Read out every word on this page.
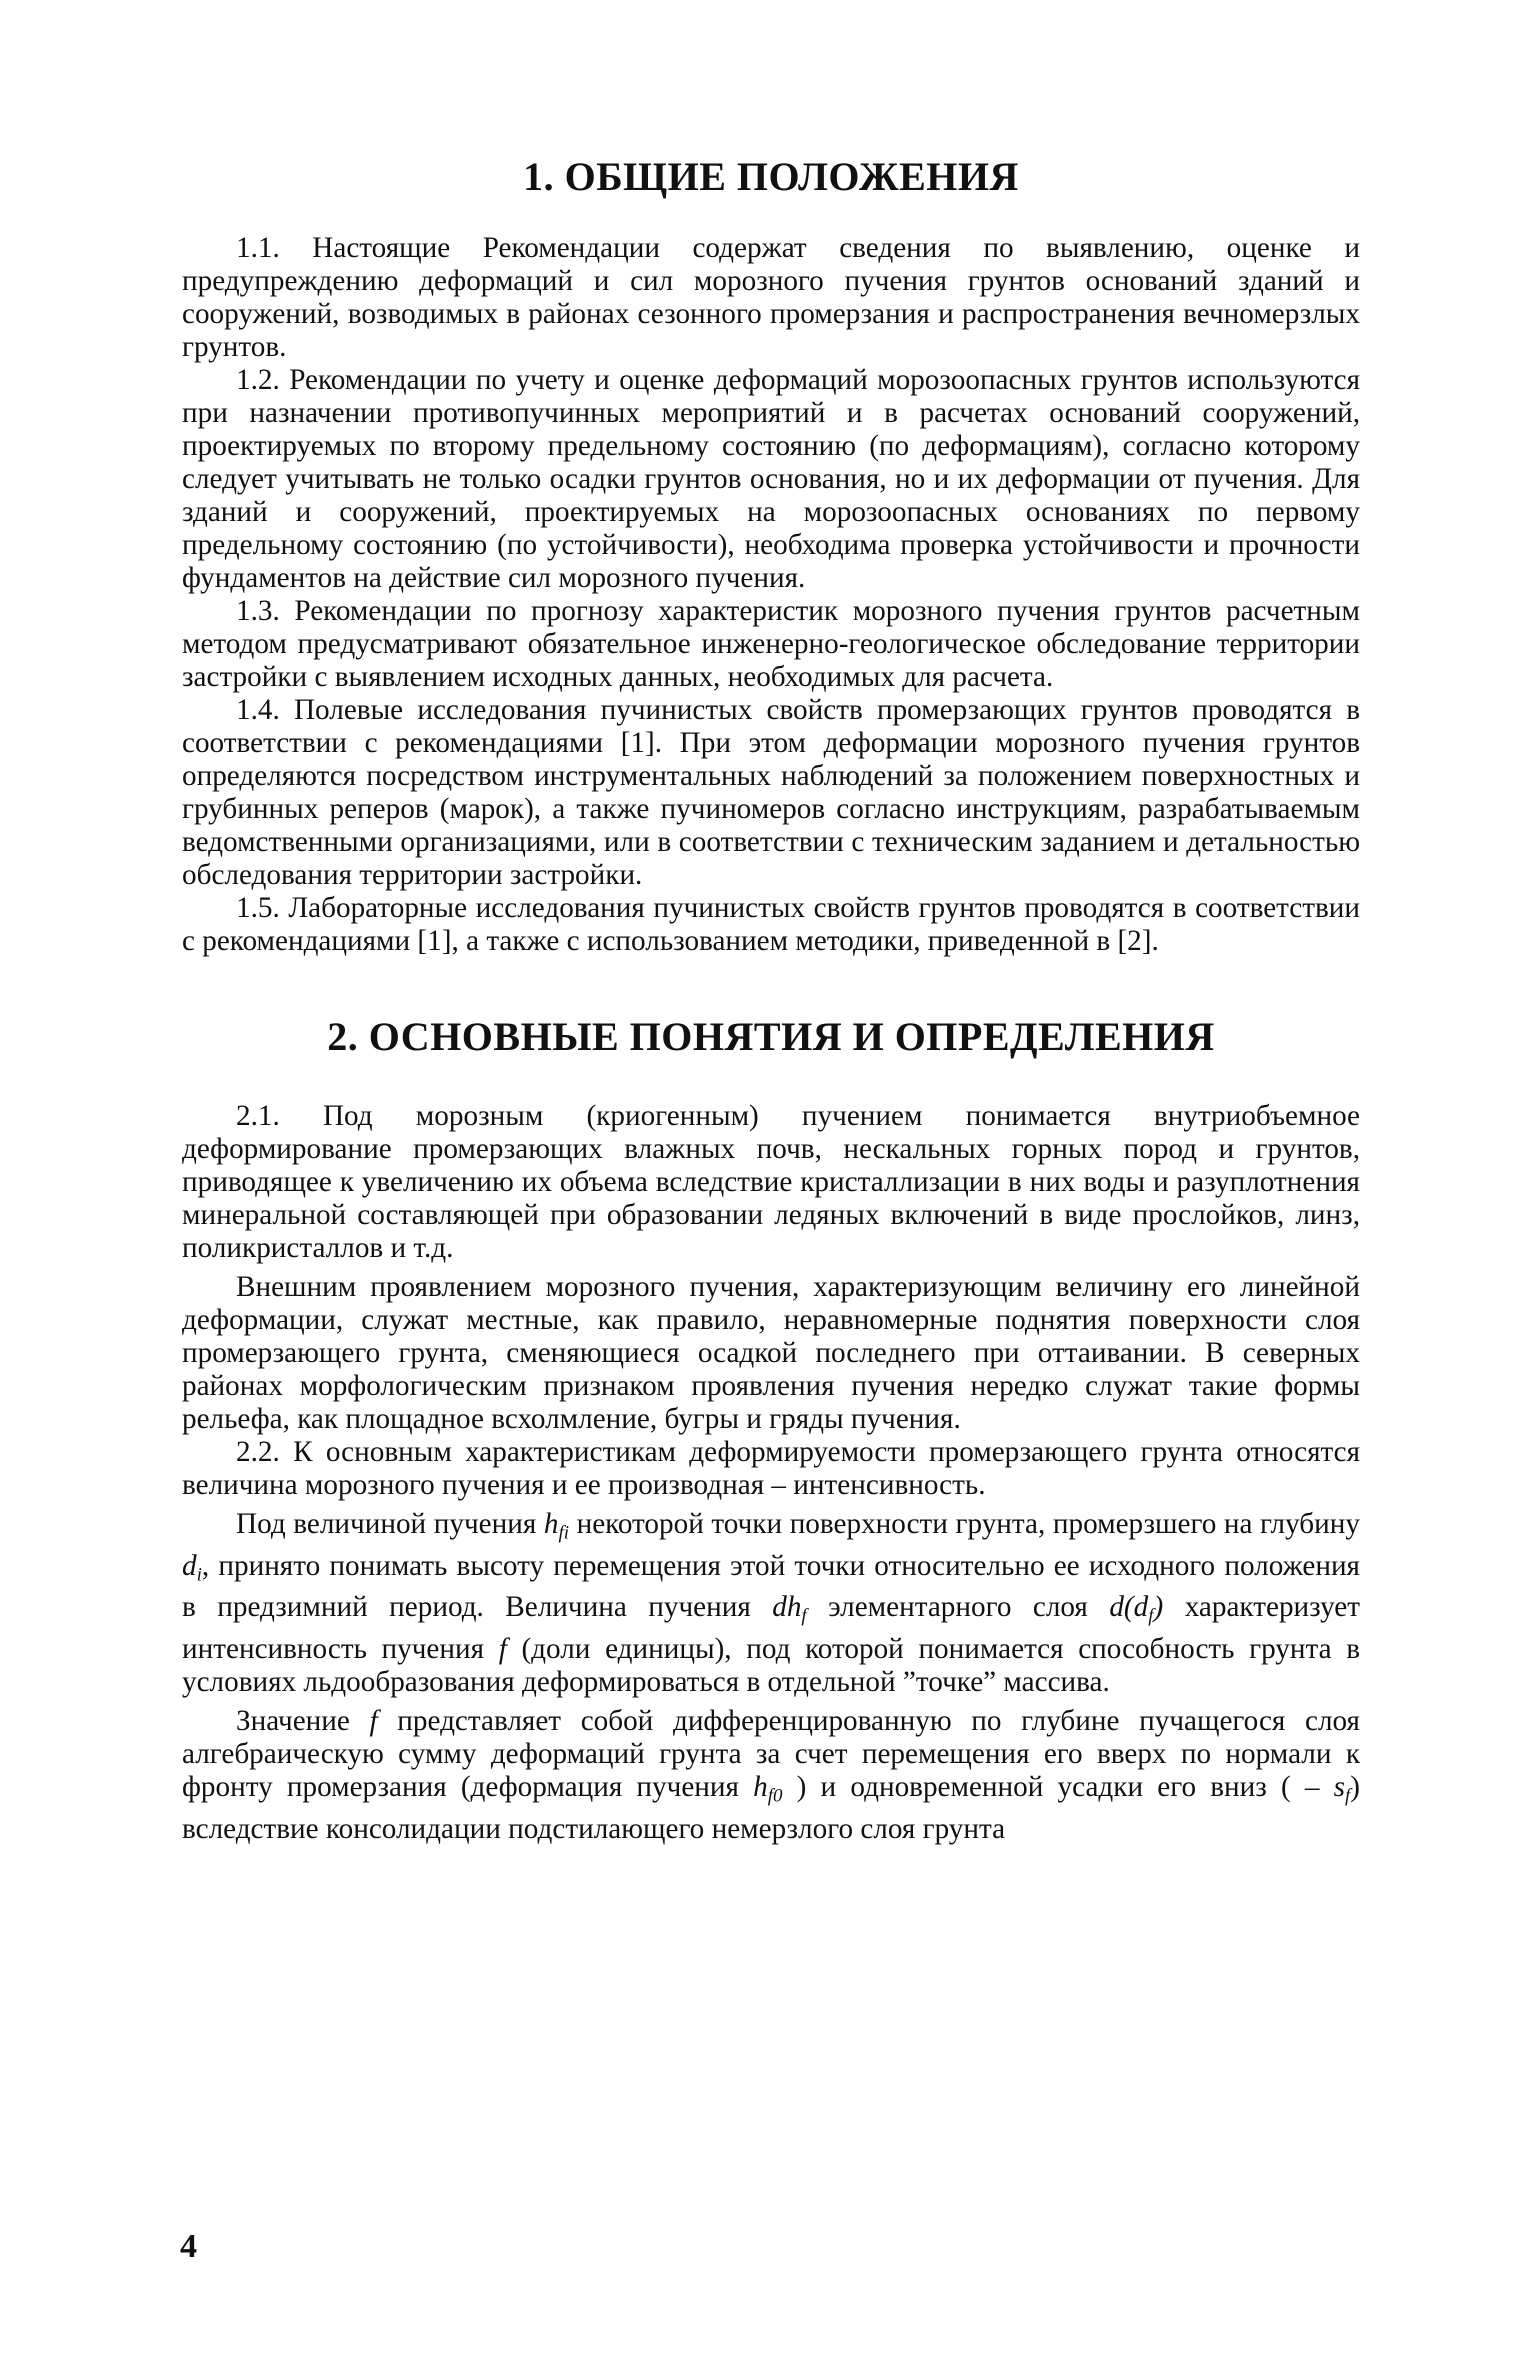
1. ОБЩИЕ ПОЛОЖЕНИЯ

1.1. Настоящие Рекомендации содержат сведения по выявлению, оценке и предупреждению деформаций и сил морозного пучения грунтов оснований зданий и сооружений, возводимых в районах сезонного промерзания и распространения вечномерзлых грунтов.

1.2. Рекомендации по учету и оценке деформаций морозоопасных грунтов используются при назначении противопучинных мероприятий и в расчетах оснований сооружений, проектируемых по второму предельному состоянию (по деформациям), согласно которому следует учитывать не только осадки грунтов основания, но и их деформации от пучения. Для зданий и сооружений, проектируемых на морозоопасных основаниях по первому предельному состоянию (по устойчивости), необходима проверка устойчивости и прочности фундаментов на действие сил морозного пучения.

1.3. Рекомендации по прогнозу характеристик морозного пучения грунтов расчетным методом предусматривают обязательное инженерно-геологическое обследование территории застройки с выявлением исходных данных, необходимых для расчета.

1.4. Полевые исследования пучинистых свойств промерзающих грунтов проводятся в соответствии с рекомендациями [1]. При этом деформации морозного пучения грунтов определяются посредством инструментальных наблюдений за положением поверхностных и грубинных реперов (марок), а также пучиномеров согласно инструкциям, разрабатываемым ведомственными организациями, или в соответствии с техническим заданием и детальностью обследования территории застройки.

1.5. Лабораторные исследования пучинистых свойств грунтов проводятся в соответствии с рекомендациями [1], а также с использованием методики, приведенной в [2].

2. ОСНОВНЫЕ ПОНЯТИЯ И ОПРЕДЕЛЕНИЯ

2.1. Под морозным (криогенным) пучением понимается внутриобъемное деформирование промерзающих влажных почв, нескальных горных пород и грунтов, приводящее к увеличению их объема вследствие кристаллизации в них воды и разуплотнения минеральной составляющей при образовании ледяных включений в виде прослойков, линз, поликристаллов и т.д.

Внешним проявлением морозного пучения, характеризующим величину его линейной деформации, служат местные, как правило, неравномерные поднятия поверхности слоя промерзающего грунта, сменяющиеся осадкой последнего при оттаивании. В северных районах морфологическим признаком проявления пучения нередко служат такие формы рельефа, как площадное всхолмление, бугры и гряды пучения.

2.2. К основным характеристикам деформируемости промерзающего грунта относятся величина морозного пучения и ее производная – интенсивность.

Под величиной пучения $h_{fi}$ некоторой точки поверхности грунта, промерзшего на глубину $d_i$, принято понимать высоту перемещения этой точки относительно ее исходного положения в предзимний период. Величина пучения $dh_f$ элементарного слоя $d(d_f)$ характеризует интенсивность пучения f (доли единицы), под которой понимается способность грунта в условиях льдообразования деформироваться в отдельной ”точке” массива.

Значение f представляет собой дифференцированную по глубине пучащегося слоя алгебраическую сумму деформаций грунта за счет перемещения его вверх по нормали к фронту промерзания (деформация пучения $h_{f0}$ ) и одновременной усадки его вниз ( – $s_f$) вследствие консолидации подстилающего немерзлого слоя грунта

4
